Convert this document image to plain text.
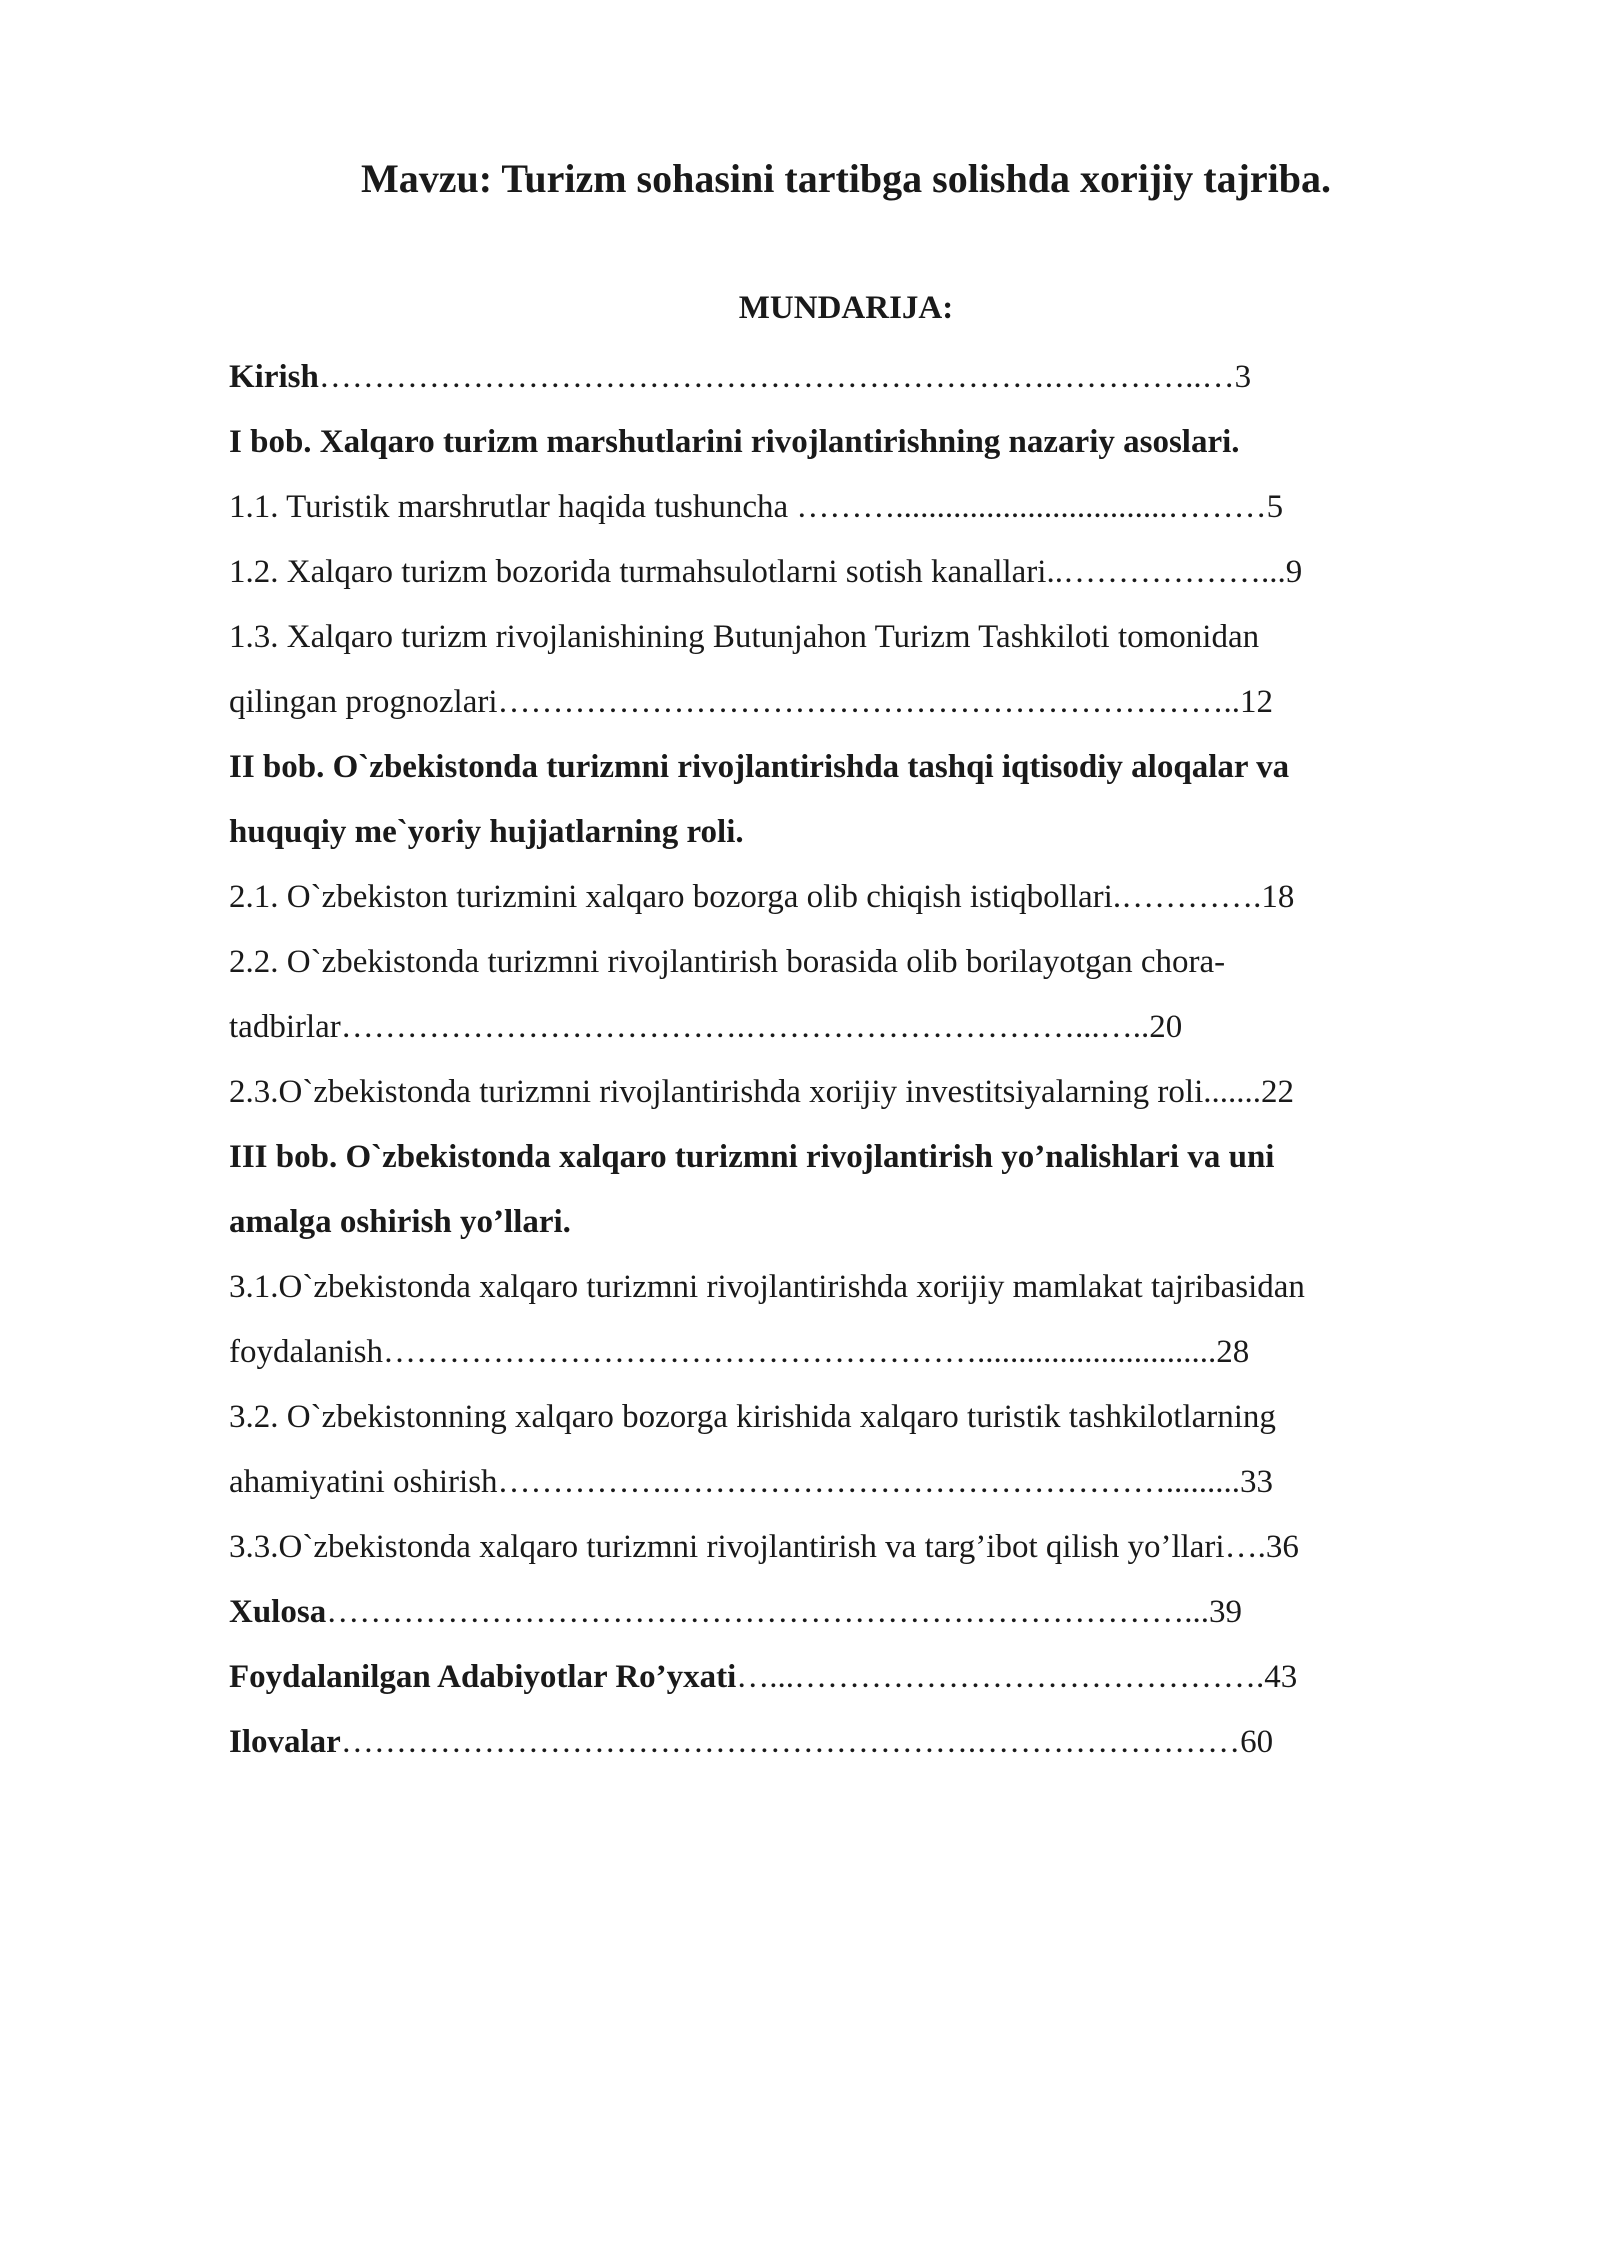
Mavzu: Turizm sohasini tartibga solishda xorijiy tajriba.
MUNDARIJA:
Kirish………………………………………………………….…………..…3
I bob. Xalqaro turizm marshutlarini rivojlantirishning nazariy asoslari.
1.1. Turistik marshrutlar haqida tushuncha ……….................................………5
1.2. Xalqaro turizm bozorida turmahsulotlarni sotish kanallari..………………...9
1.3. Xalqaro turizm rivojlanishining Butunjahon Turizm Tashkiloti tomonidan
qilingan prognozlari…………………………………………………………..12
II bob. O`zbekistonda turizmni rivojlantirishda tashqi iqtisodiy aloqalar va
huquqiy me`yoriy hujjatlarning roli.
2.1. O`zbekiston turizmini xalqaro bozorga olib chiqish istiqbollari.………….18
2.2. O`zbekistonda turizmni rivojlantirish borasida olib borilayotgan chora-
tadbirlar……………………………….…………………………...…..20
2.3.O`zbekistonda turizmni rivojlantirishda xorijiy investitsiyalarning roli.......22
III bob. O`zbekistonda xalqaro turizmni rivojlantirish yo’nalishlari va uni
amalga oshirish yo’llari.
3.1.O`zbekistonda xalqaro turizmni rivojlantirishda xorijiy mamlakat tajribasidan
foydalanish……………………………………………….............................28
3.2. O`zbekistonning xalqaro bozorga kirishida xalqaro turistik tashkilotlarning
ahamiyatini oshirish…………….……………………………………….........33
3.3.O`zbekistonda xalqaro turizmni rivojlantirish va targ’ibot qilish yo’llari….36
Xulosa……………………………………………………………………...39
Foydalanilgan Adabiyotlar Ro’yxati…...…………………………………….43
Ilovalar………………………………………………….……………………60
